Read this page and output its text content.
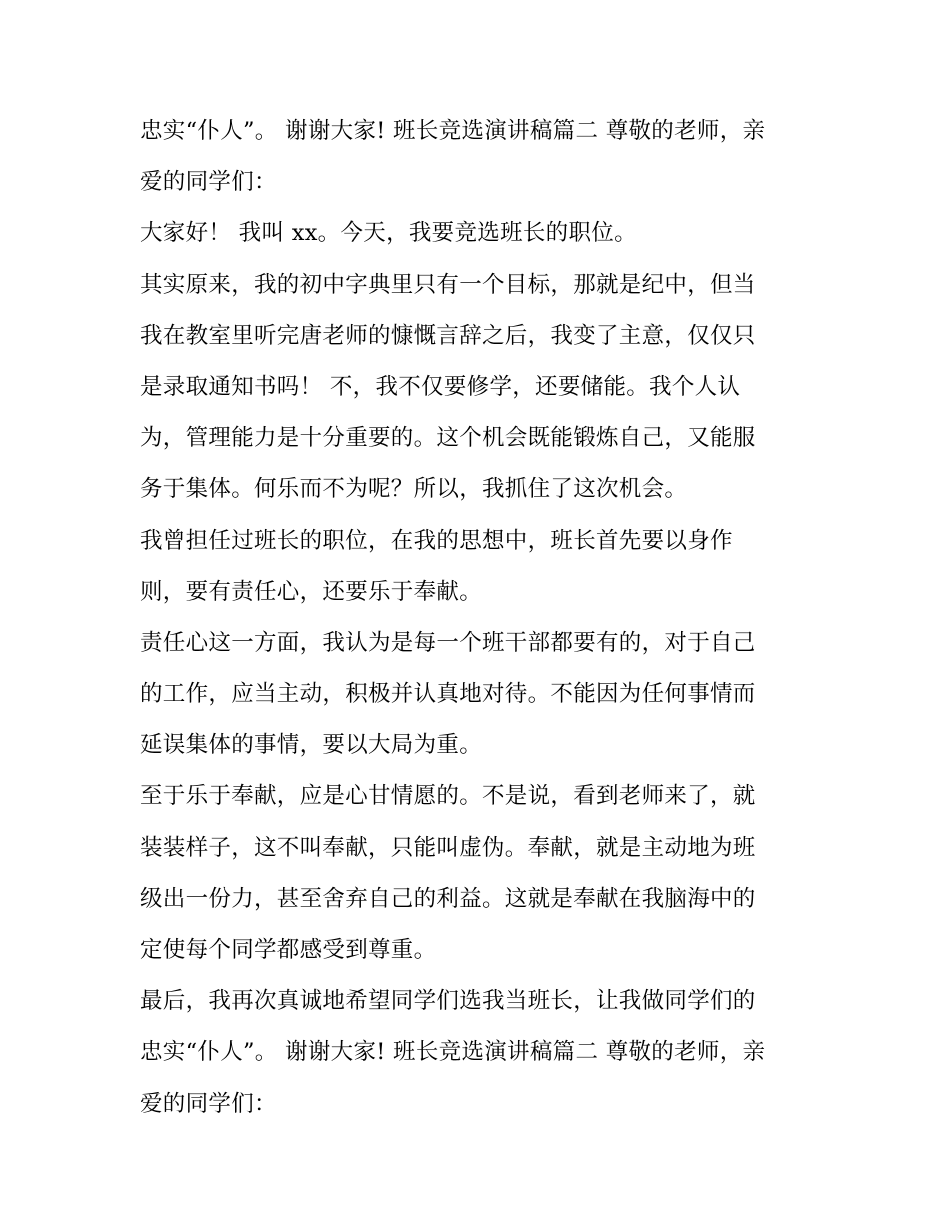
忠实“仆人”。 谢谢大家! 班长竞选演讲稿篇二 尊敬的老师，亲
爱的同学们：
大家好！ 我叫 xx。今天，我要竞选班长的职位。
其实原来，我的初中字典里只有一个目标，那就是纪中，但当
我在教室里听完唐老师的慷慨言辞之后，我变了主意，仅仅只
是录取通知书吗！ 不，我不仅要修学，还要储能。我个人认
为，管理能力是十分重要的。这个机会既能锻炼自己，又能服
务于集体。何乐而不为呢？所以，我抓住了这次机会。
我曾担任过班长的职位，在我的思想中，班长首先要以身作
则，要有责任心，还要乐于奉献。
责任心这一方面，我认为是每一个班干部都要有的，对于自己
的工作，应当主动，积极并认真地对待。不能因为任何事情而
延误集体的事情，要以大局为重。
至于乐于奉献，应是心甘情愿的。不是说，看到老师来了，就
装装样子，这不叫奉献，只能叫虚伪。奉献，就是主动地为班
级出一份力，甚至舍弃自己的利益。这就是奉献在我脑海中的
定使每个同学都感受到尊重。
最后，我再次真诚地希望同学们选我当班长，让我做同学们的
忠实“仆人”。 谢谢大家! 班长竞选演讲稿篇二 尊敬的老师，亲
爱的同学们：
